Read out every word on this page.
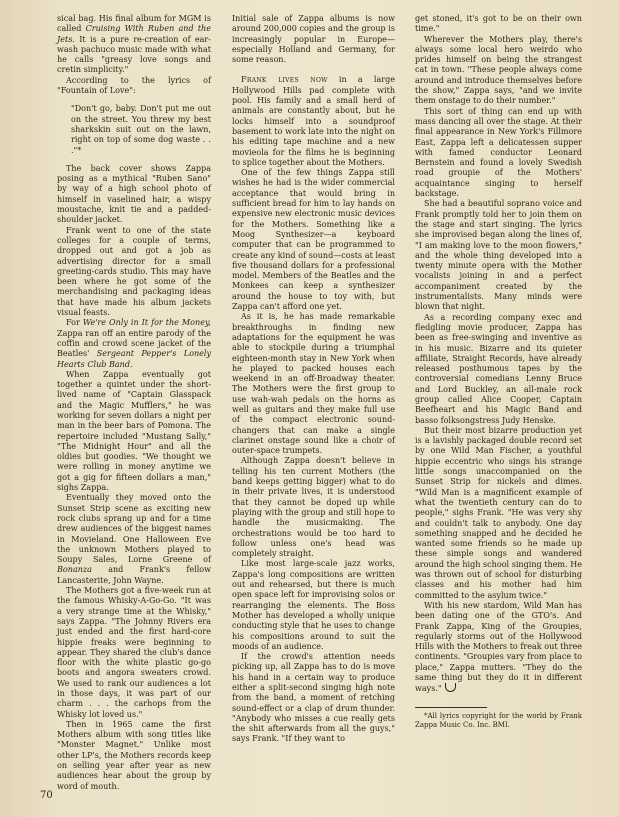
sical bag. His final album for MGM is called Cruising With Ruben and the Jets. It is a pure re-creation of ear-wash pachuco music made with what he calls "greasy love songs and cretin simplicity."

According to the lyrics of "Fountain of Love":

"Don't go, baby. Don't put me out on the street. You threw my best sharkskin suit out on the lawn, right on top of some dog waste . . ."*

The back cover shows Zappa posing as a mythical "Ruben Sano" by way of a high school photo of himself in vaselined hair, a wispy moustache, knit tie and a padded-shoulder jacket.

Frank went to one of the state colleges for a couple of terms, dropped out and got a job as advertising director for a small greeting-cards studio. This may have been where he got some of the merchandising and packaging ideas that have made his album jackets visual feasts.

For We're Only in It for the Money, Zappa ran off an entire parody of the coffin and crowd scene jacket of the Beatles' Sergeant Pepper's Lonely Hearts Club Band.

When Zappa eventually got together a quintet under the short-lived name of "Captain Glasspack and the Magic Mufflers," he was working for seven dollars a night per man in the beer bars of Pomona. The repertoire included "Mustang Sally," "The Midnight Hour" and all the oldies but goodies. "We thought we were rolling in money anytime we got a gig for fifteen dollars a man," sighs Zappa.

Eventually they moved onto the Sunset Strip scene as exciting new rock clubs sprang up and for a time drew audiences of the biggest names in Movieland. One Halloween Eve the unknown Mothers played to Soupy Sales, Lorne Greene of Bonanza and Frank's fellow Lancasterite, John Wayne.

The Mothers got a five-week run at the famous Whisky-A-Go-Go. "It was a very strange time at the Whisky," says Zappa. "The Johnny Rivers era just ended and the first hard-core hippie freaks were beginning to appear. They shared the club's dance floor with the white plastic go-go boots and angora sweaters crowd. We used to rank our audiences a lot in those days, it was part of our charm . . . the carhops from the Whisky lot loved us."

Then in 1965 came the first Mothers album with song titles like "Monster Magnet." Unlike most other LP's, the Mothers records keep on selling year after year as new audiences hear about the group by word of mouth.

Initial sale of Zappa albums is now around 200,000 copies and the group is increasingly popular in Europe—especially Holland and Germany, for some reason.

Frank lives now in a large Hollywood Hills pad complete with pool. His family and a small herd of animals are constantly about, but he locks himself into a soundproof basement to work late into the night on his editing tape machine and a new movieola for the films he is beginning to splice together about the Mothers.

One of the few things Zappa still wishes he had is the wider commercial acceptance that would bring in sufficient bread for him to lay hands on expensive new electronic music devices for the Mothers. Something like a Moog Synthesizer—a keyboard computer that can be programmed to create any kind of sound—costs at least five thousand dollars for a professional model. Members of the Beatles and the Monkees can keep a synthesizer around the house to toy with, but Zappa can't afford one yet.

As it is, he has made remarkable breakthroughs in finding new adaptations for the equipment he was able to stockpile during a triumphal eighteen-month stay in New York when he played to packed houses each weekend in an off-Broadway theater. The Mothers were the first group to use wah-wah pedals on the horns as well as guitars and they make full use of the compact electronic sound-changers that can make a single clarinet onstage sound like a choir of outer-space trumpets.

Although Zappa doesn't believe in telling his ten current Mothers (the band keeps getting bigger) what to do in their private lives, it is understood that they cannot be doped up while playing with the group and still hope to handle the musicmaking. The orchestrations would be too hard to follow unless one's head was completely straight.

Like most large-scale jazz works, Zappa's long compositions are written out and rehearsed, but there is much open space left for improvising solos or rearranging the elements. The Boss Mother has developed a wholly unique conducting style that he uses to change his compositions around to suit the moods of an audience.

If the crowd's attention needs picking up, all Zappa has to do is move his hand in a certain way to produce either a split-second singing high note from the band, a moment of retching sound-effect or a clap of drum thunder. "Anybody who misses a cue really gets the shit afterwards from all the guys," says Frank. "If they want to

get stoned, it's got to be on their own time."

Wherever the Mothers play, there's always some local hero weirdo who prides himself on being the strangest cat in town. "These people always come around and introduce themselves before the show," Zappa says, "and we invite them onstage to do their number."

This sort of thing can end up with mass dancing all over the stage. At their final appearance in New York's Fillmore East, Zappa left a delicatessen supper with famed conductor Leonard Bernstein and found a lovely Swedish road groupie of the Mothers' acquaintance singing to herself backstage.

She had a beautiful soprano voice and Frank promptly told her to join them on the stage and start singing. The lyrics she improvised began along the lines of, "I am making love to the moon flowers," and the whole thing developed into a twenty minute opera with the Mother vocalists joining in and a perfect accompaniment created by the instrumentalists. Many minds were blown that night.

As a recording company exec and fledgling movie producer, Zappa has been as free-swinging and inventive as in his music. Bizarre and its quieter affiliate, Straight Records, have already released posthumous tapes by the controversial comedians Lenny Bruce and Lord Buckley, an all-male rock group called Alice Cooper, Captain Beefheart and his Magic Band and basso folksongstress Judy Henske.

But their most bizarre production yet is a lavishly packaged double record set by one Wild Man Fischer, a youthful hippie eccentric who sings his strange little songs unaccompanied on the Sunset Strip for nickels and dimes. "Wild Man is a magnificent example of what the twentieth century can do to people," sighs Frank. "He was very shy and couldn't talk to anybody. One day something snapped and he decided he wanted some friends so he made up these simple songs and wandered around the high school singing them. He was thrown out of school for disturbing classes and his mother had him committed to the asylum twice."

With his new stardom, Wild Man has been dating one of the GTO's. And Frank Zappa, King of the Groupies, regularly storms out of the Hollywood Hills with the Mothers to freak out three continents. "Groupies vary from place to place," Zappa mutters. "They do the same thing but they do it in different ways."

*All lyrics copyright for the world by Frank Zappa Music Co. Inc. BMI.

70
